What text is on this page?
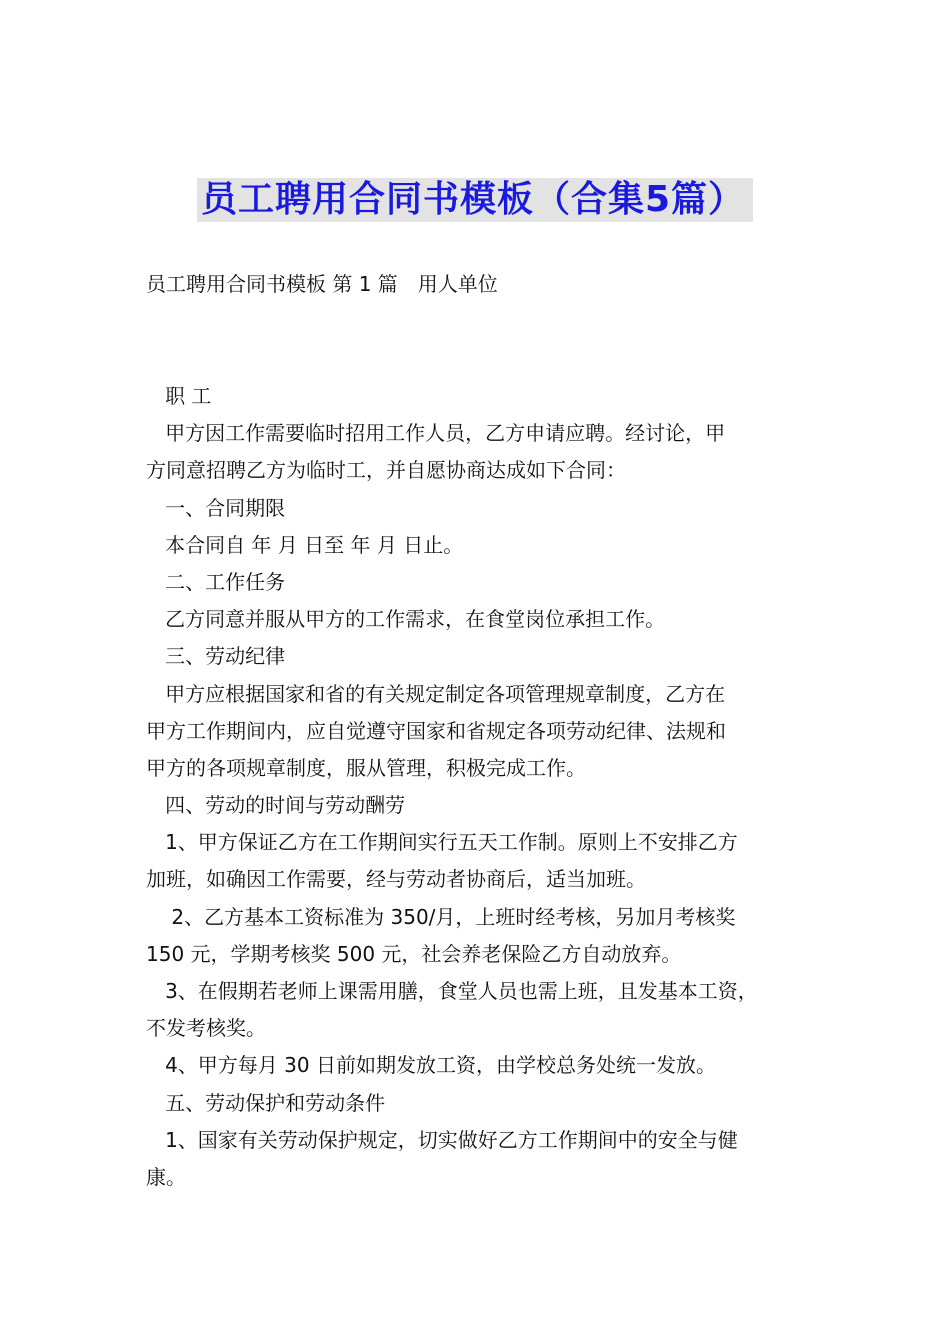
员工聘用合同书模板（合集5篇）
员工聘用合同书模板 第 1 篇　用人单位
职 工
甲方因工作需要临时招用工作人员，乙方申请应聘。经讨论，甲
方同意招聘乙方为临时工，并自愿协商达成如下合同：
一、合同期限
本合同自 年 月 日至 年 月 日止。
二、工作任务
乙方同意并服从甲方的工作需求，在食堂岗位承担工作。
三、劳动纪律
甲方应根据国家和省的有关规定制定各项管理规章制度，乙方在
甲方工作期间内，应自觉遵守国家和省规定各项劳动纪律、法规和
甲方的各项规章制度，服从管理，积极完成工作。
四、劳动的时间与劳动酬劳
1、甲方保证乙方在工作期间实行五天工作制。原则上不安排乙方
加班，如确因工作需要，经与劳动者协商后，适当加班。
2、乙方基本工资标准为 350/月，上班时经考核，另加月考核奖
150 元，学期考核奖 500 元，社会养老保险乙方自动放弃。
3、在假期若老师上课需用膳，食堂人员也需上班，且发基本工资，
不发考核奖。
4、甲方每月 30 日前如期发放工资，由学校总务处统一发放。
五、劳动保护和劳动条件
1、国家有关劳动保护规定，切实做好乙方工作期间中的安全与健
康。
